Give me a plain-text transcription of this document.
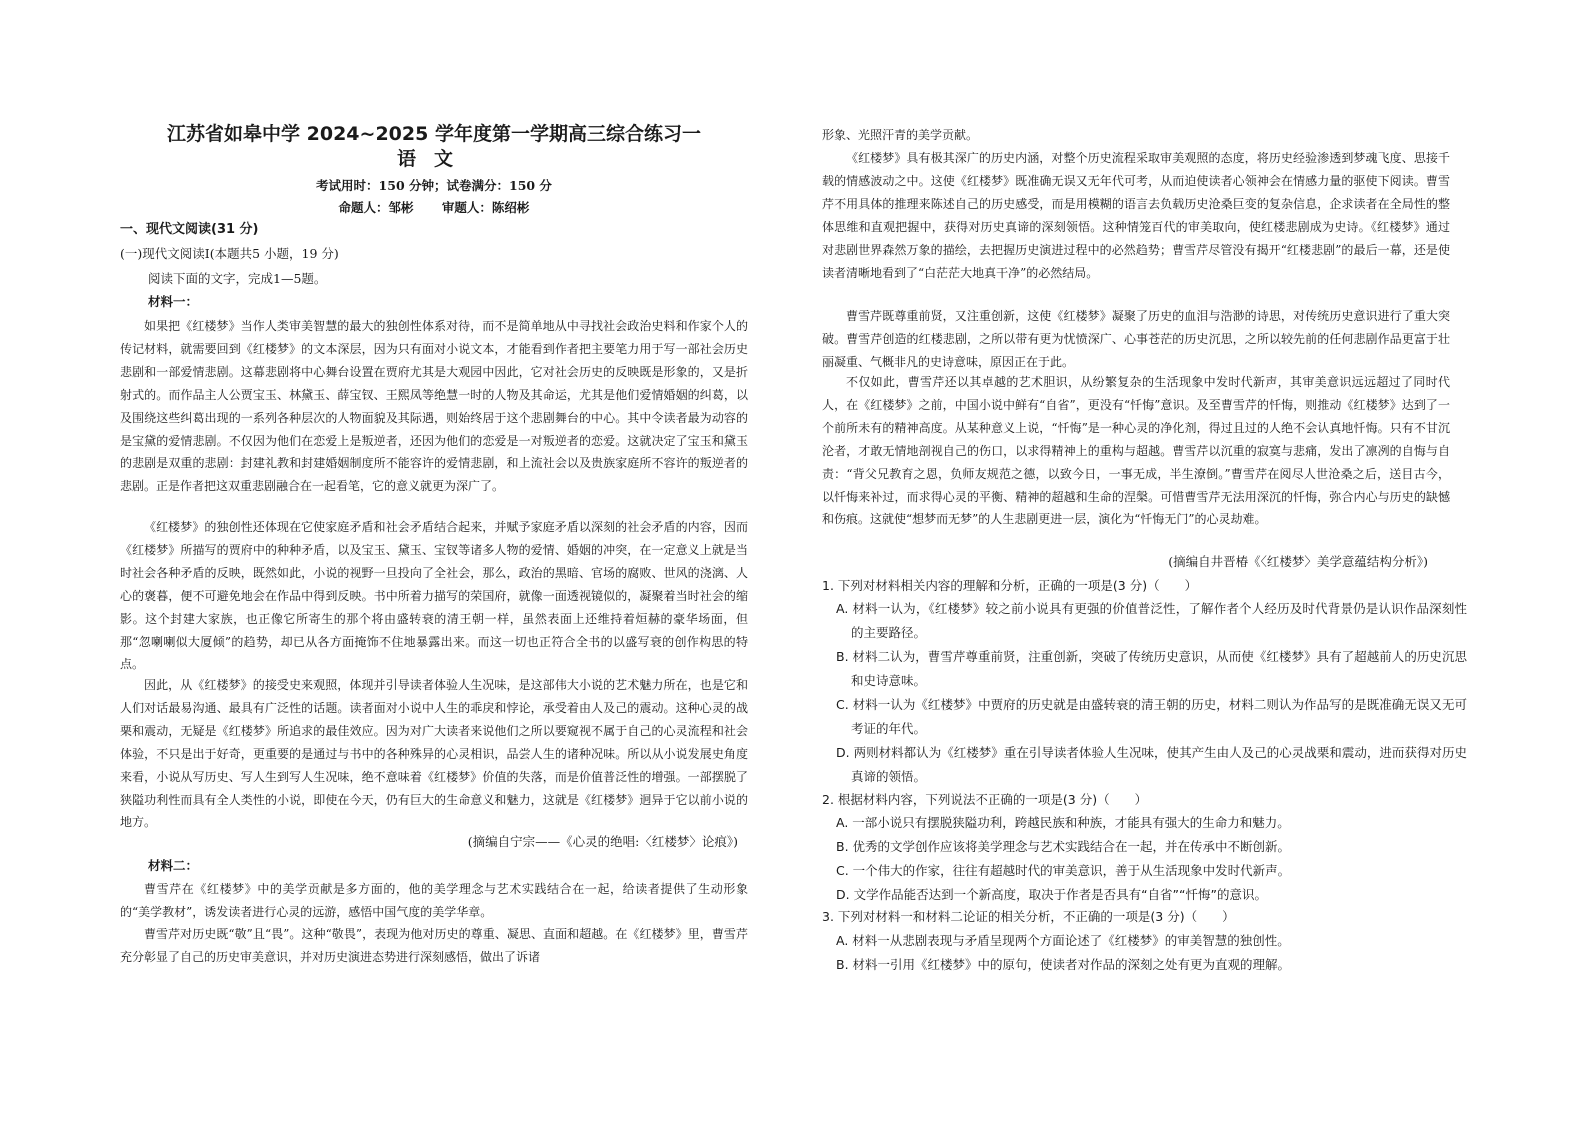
江苏省如皋中学 2024~2025 学年度第一学期高三综合练习一
语文
考试用时：150 分钟；试卷满分：150 分
命题人：邹彬 审题人：陈绍彬
一、现代文阅读(31 分)
(一)现代文阅读Ⅰ(本题共5 小题，19 分)
阅读下面的文字，完成1—5题。
材料一：

如果把《红楼梦》当作人类审美智慧的最大的独创性体系对待，而不是简单地从中寻找社会政治史料和作家个人的传记材料，就需要回到《红楼梦》的文本深层，因为只有面对小说文本，才能看到作者把主要笔力用于写一部社会历史悲剧和一部爱情悲剧。这幕悲剧将中心舞台设置在贾府尤其是大观园中因此，它对社会历史的反映既是形象的，又是折射式的。而作品主人公贾宝玉、林黛玉、薛宝钗、王熙凤等绝慧一时的人物及其命运，尤其是他们爱情婚姻的纠葛，以及围绕这些纠葛出现的一系列各种层次的人物面貌及其际遇，则始终居于这个悲剧舞台的中心。其中令读者最为动容的是宝黛的爱情悲剧。不仅因为他们在恋爱上是叛逆者，还因为他们的恋爱是一对叛逆者的恋爱。这就决定了宝玉和黛玉的悲剧是双重的悲剧：封建礼教和封建婚姻制度所不能容许的爱情悲剧，和上流社会以及贵族家庭所不容许的叛逆者的悲剧。正是作者把这双重悲剧融合在一起看笔，它的意义就更为深广了。

《红楼梦》的独创性还体现在它使家庭矛盾和社会矛盾结合起来，并赋予家庭矛盾以深刻的社会矛盾的内容，因而《红楼梦》所描写的贾府中的种种矛盾，以及宝玉、黛玉、宝钗等诸多人物的爱情、婚姻的冲突，在一定意义上就是当时社会各种矛盾的反映，既然如此，小说的视野一旦投向了全社会，那么，政治的黑暗、官场的腐败、世风的浇漓、人心的褒暮，便不可避免地会在作品中得到反映。书中所着力描写的荣国府，就像一面透视镜似的，凝聚着当时社会的缩影。这个封建大家族，也正像它所寄生的那个将由盛转衰的清王朝一样，虽然表面上还维持着烜赫的豪华场面，但那“忽喇喇似大厦倾”的趋势，却已从各方面掩饰不住地暴露出来。而这一切也正符合全书的以盛写衰的创作构思的特点。

因此，从《红楼梦》的接受史来观照，体现并引导读者体验人生况味，是这部伟大小说的艺术魅力所在，也是它和人们对话最易沟通、最具有广泛性的话题。读者面对小说中人生的乖戾和悖论，承受着由人及己的震动。这种心灵的战栗和震动，无疑是《红楼梦》所追求的最佳效应。因为对广大读者来说他们之所以要窥视不属于自己的心灵流程和社会体验，不只是出于好奇，更重要的是通过与书中的各种殊异的心灵相识，品尝人生的诸种况味。所以从小说发展史角度来看，小说从写历史、写人生到写人生况味，绝不意味着《红楼梦》价值的失落，而是价值普泛性的增强。一部摆脱了狭隘功利性而具有全人类性的小说，即使在今天，仍有巨大的生命意义和魅力，这就是《红楼梦》迥异于它以前小说的地方。

(摘编自宁宗——《心灵的绝唱:〈红楼梦〉论痕》)
材料二：

曹雪芹在《红楼梦》中的美学贡献是多方面的，他的美学理念与艺术实践结合在一起，给读者提供了生动形象的“美学教材”，诱发读者进行心灵的远游，感悟中国气度的美学华章。

曹雪芹对历史既“敬”且“畏”。这种“敬畏”，表现为他对历史的尊重、凝思、直面和超越。在《红楼梦》里，曹雪芹充分彰显了自己的历史审美意识，并对历史演进态势进行深刻感悟，做出了诉诸

形象、光照汗青的美学贡献。

《红楼梦》具有极其深广的历史内涵，对整个历史流程采取审美观照的态度，将历史经验渗透到梦魂飞度、思接千载的情感波动之中。这使《红楼梦》既准确无误又无年代可考，从而迫使读者心领神会在情感力量的驱使下阅读。曹雪芹不用具体的推理来陈述自己的历史感受，而是用模糊的语言去负载历史沧桑巨变的复杂信息，企求读者在全局性的整体思维和直观把握中，获得对历史真谛的深刻领悟。这种情笼百代的审美取向，使红楼悲剧成为史诗。《红楼梦》通过对悲剧世界森然万象的描绘，去把握历史演进过程中的必然趋势；曹雪芹尽管没有揭开“红楼悲剧”的最后一幕，还是使读者清晰地看到了“白茫茫大地真干净”的必然结局。

曹雪芹既尊重前贤，又注重创新，这使《红楼梦》凝聚了历史的血泪与浩渺的诗思，对传统历史意识进行了重大突破。曹雪芹创造的红楼悲剧，之所以带有更为忧愤深广、心事苍茫的历史沉思，之所以较先前的任何悲剧作品更富于壮丽凝重、气概非凡的史诗意味，原因正在于此。

不仅如此，曹雪芹还以其卓越的艺术胆识，从纷繁复杂的生活现象中发时代新声，其审美意识远远超过了同时代人，在《红楼梦》之前，中国小说中鲜有“自省”，更没有“忏悔”意识。及至曹雪芹的忏悔，则推动《红楼梦》达到了一个前所未有的精神高度。从某种意义上说，“忏悔”是一种心灵的净化剂，得过且过的人绝不会认真地忏悔。只有不甘沉沦者，才敢无情地剖视自己的伤口，以求得精神上的重构与超越。曹雪芹以沉重的寂寞与悲痛，发出了凛冽的自悔与自责：“背父兄教育之恩，负师友规范之德，以致今日，一事无成，半生潦倒。”曹雪芹在阅尽人世沧桑之后，送目古今，以忏悔来补过，而求得心灵的平衡、精神的超越和生命的涅槃。可惜曹雪芹无法用深沉的忏悔，弥合内心与历史的缺憾和伤痕。这就使“想梦而无梦”的人生悲剧更进一层，演化为“忏悔无门”的心灵劫难。

(摘编自井晋椿《〈红楼梦〉美学意蕴结构分析》)
1. 下列对材料相关内容的理解和分析，正确的一项是(3 分)（　　）
A. 材料一认为，《红楼梦》较之前小说具有更强的价值普泛性，了解作者个人经历及时代背景仍是认识作品深刻性的主要路径。
B. 材料二认为，曹雪芹尊重前贤，注重创新，突破了传统历史意识，从而使《红楼梦》具有了超越前人的历史沉思和史诗意味。
C. 材料一认为《红楼梦》中贾府的历史就是由盛转衰的清王朝的历史，材料二则认为作品写的是既准确无误又无可考证的年代。
D. 两则材料都认为《红楼梦》重在引导读者体验人生况味，使其产生由人及己的心灵战栗和震动，进而获得对历史真谛的领悟。
2. 根据材料内容，下列说法不正确的一项是(3 分)（　　）
A. 一部小说只有摆脱狭隘功利，跨越民族和种族，才能具有强大的生命力和魅力。
B. 优秀的文学创作应该将美学理念与艺术实践结合在一起，并在传承中不断创新。
C. 一个伟大的作家，往往有超越时代的审美意识，善于从生活现象中发时代新声。
D. 文学作品能否达到一个新高度，取决于作者是否具有“自省”“忏悔”的意识。
3. 下列对材料一和材料二论证的相关分析，不正确的一项是(3 分)（　　）
A. 材料一从悲剧表现与矛盾呈现两个方面论述了《红楼梦》的审美智慧的独创性。
B. 材料一引用《红楼梦》中的原句，使读者对作品的深刻之处有更为直观的理解。
